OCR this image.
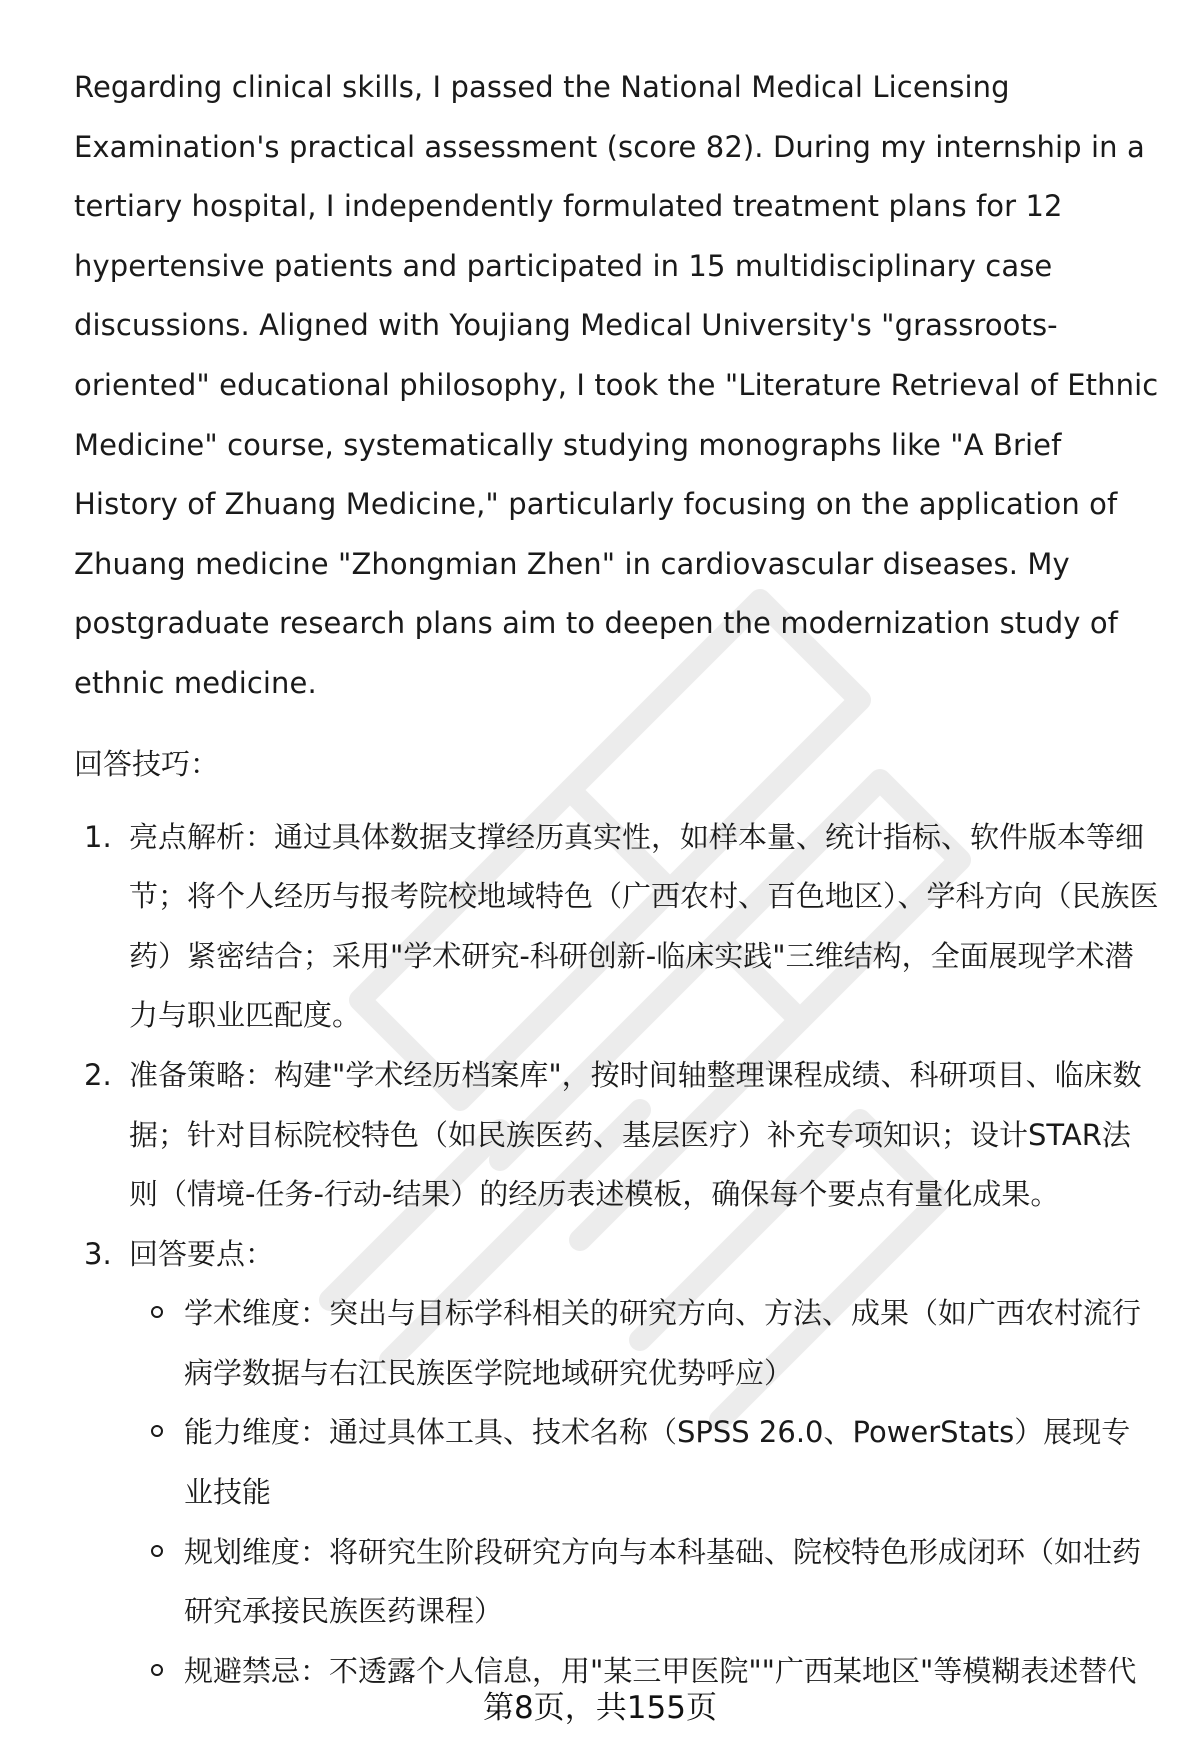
Regarding clinical skills, I passed the National Medical Licensing Examination's practical assessment (score 82). During my internship in a tertiary hospital, I independently formulated treatment plans for 12 hypertensive patients and participated in 15 multidisciplinary case discussions. Aligned with Youjiang Medical University's "grassroots-oriented" educational philosophy, I took the "Literature Retrieval of Ethnic Medicine" course, systematically studying monographs like "A Brief History of Zhuang Medicine," particularly focusing on the application of Zhuang medicine "Zhongmian Zhen" in cardiovascular diseases. My postgraduate research plans aim to deepen the modernization study of ethnic medicine.

回答技巧：
1. 亮点解析：通过具体数据支撑经历真实性，如样本量、统计指标、软件版本等细节；将个人经历与报考院校地域特色（广西农村、百色地区）、学科方向（民族医药）紧密结合；采用"学术研究-科研创新-临床实践"三维结构，全面展现学术潜力与职业匹配度。
2. 准备策略：构建"学术经历档案库"，按时间轴整理课程成绩、科研项目、临床数据；针对目标院校特色（如民族医药、基层医疗）补充专项知识；设计STAR法则（情境-任务-行动-结果）的经历表述模板，确保每个要点有量化成果。
3. 回答要点：
学术维度：突出与目标学科相关的研究方向、方法、成果（如广西农村流行病学数据与右江民族医学院地域研究优势呼应）
能力维度：通过具体工具、技术名称（SPSS 26.0、PowerStats）展现专业技能
规划维度：将研究生阶段研究方向与本科基础、院校特色形成闭环（如壮药研究承接民族医药课程）
规避禁忌：不透露个人信息，用"某三甲医院""广西某地区"等模糊表述替代
第8页，共155页
